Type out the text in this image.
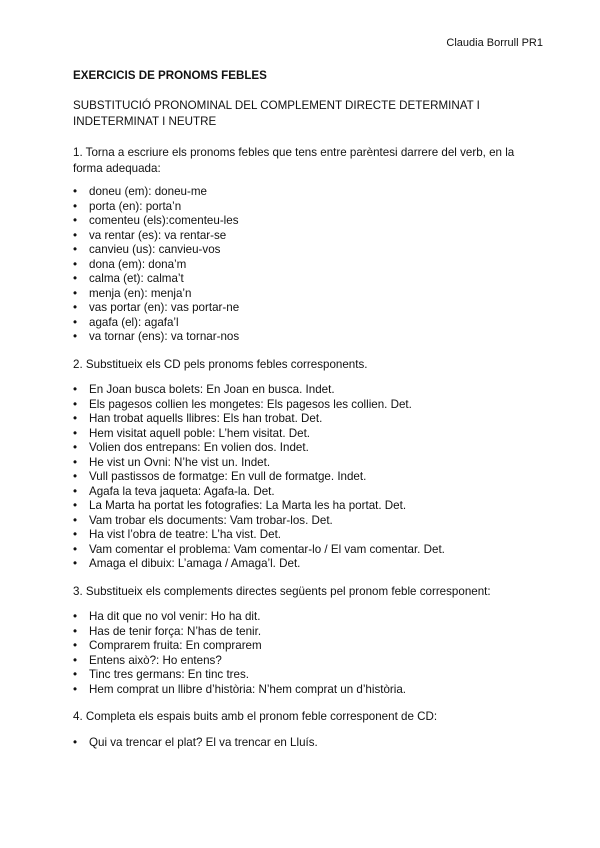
Claudia Borrull PR1

EXERCICIS DE PRONOMS FEBLES

SUBSTITUCIÓ PRONOMINAL DEL COMPLEMENT DIRECTE DETERMINAT I INDETERMINAT I NEUTRE

1. Torna a escriure els pronoms febles que tens entre parèntesi darrere del verb, en la forma adequada:

• doneu (em): doneu-me
• porta (en): porta’n
• comenteu (els):comenteu-les
• va rentar (es): va rentar-se
• canvieu (us): canvieu-vos
• dona (em): dona’m
• calma (et): calma’t
• menja (en): menja’n
• vas portar (en): vas portar-ne
• agafa (el): agafa’l
• va tornar (ens): va tornar-nos

2. Substitueix els CD pels pronoms febles corresponents.

• En Joan busca bolets: En Joan en busca. Indet.
• Els pagesos collien les mongetes: Els pagesos les collien. Det.
• Han trobat aquells llibres: Els han trobat. Det.
• Hem visitat aquell poble: L’hem visitat. Det.
• Volien dos entrepans: En volien dos. Indet.
• He vist un Ovni: N’he vist un. Indet.
• Vull pastissos de formatge: En vull de formatge. Indet.
• Agafa la teva jaqueta: Agafa-la. Det.
• La Marta ha portat les fotografies: La Marta les ha portat. Det.
• Vam trobar els documents: Vam trobar-los. Det.
• Ha vist l’obra de teatre: L’ha vist. Det.
• Vam comentar el problema: Vam comentar-lo / El vam comentar. Det.
• Amaga el dibuix: L’amaga / Amaga’l. Det.

3. Substitueix els complements directes següents pel pronom feble corresponent:

• Ha dit que no vol venir: Ho ha dit.
• Has de tenir força: N’has de tenir.
• Comprarem fruita: En comprarem
• Entens això?: Ho entens?
• Tinc tres germans: En tinc tres.
• Hem comprat un llibre d’història: N’hem comprat un d’història.

4. Completa els espais buits amb el pronom feble corresponent de CD:

• Qui va trencar el plat? El va trencar en Lluís.
